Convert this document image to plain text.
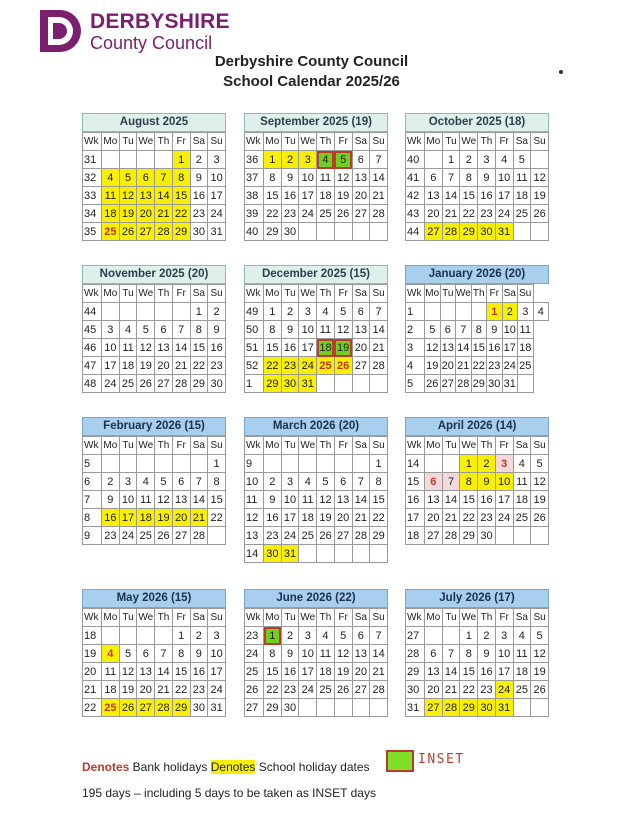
DERBYSHIRE
County Council
Derbyshire County Council
School Calendar 2025/26
August 2025
Wk	Mo	Tu	We	Th	Fr	Sa	Su
31					1	2	3
32	4	5	6	7	8	9	10
33	11	12	13	14	15	16	17
34	18	19	20	21	22	23	24
35	25	26	27	28	29	30	31
September 2025 (19)
Wk	Mo	Tu	We	Th	Fr	Sa	Su
36	1	2	3	4	5	6	7
37	8	9	10	11	12	13	14
38	15	16	17	18	19	20	21
39	22	23	24	25	26	27	28
40	29	30					
October 2025 (18)
Wk	Mo	Tu	We	Th	Fr	Sa	Su
40		1	2	3	4	5	
41	6	7	8	9	10	11	12
42	13	14	15	16	17	18	19
43	20	21	22	23	24	25	26
44	27	28	29	30	31		
November 2025 (20)
Wk	Mo	Tu	We	Th	Fr	Sa	Su
44						1	2
45	3	4	5	6	7	8	9
46	10	11	12	13	14	15	16
47	17	18	19	20	21	22	23
48	24	25	26	27	28	29	30
December 2025 (15)
Wk	Mo	Tu	We	Th	Fr	Sa	Su
49	1	2	3	4	5	6	7
50	8	9	10	11	12	13	14
51	15	16	17	18	19	20	21
52	22	23	24	25	26	27	28
1	29	30	31				
January 2026 (20)
Wk	Mo	Tu	We	Th	Fr	Sa	Su	
1					1	2	3	4
2	5	6	7	8	9	10	11	
3	12	13	14	15	16	17	18	
4	19	20	21	22	23	24	25	
5	26	27	28	29	30	31		
February 2026 (15)
Wk	Mo	Tu	We	Th	Fr	Sa	Su
5							1
6	2	3	4	5	6	7	8
7	9	10	11	12	13	14	15
8	16	17	18	19	20	21	22
9	23	24	25	26	27	28	
March 2026 (20)
Wk	Mo	Tu	We	Th	Fr	Sa	Su
9							1
10	2	3	4	5	6	7	8
11	9	10	11	12	13	14	15
12	16	17	18	19	20	21	22
13	23	24	25	26	27	28	29
14	30	31					
April 2026 (14)
Wk	Mo	Tu	We	Th	Fr	Sa	Su
14			1	2	3	4	5
15	6	7	8	9	10	11	12
16	13	14	15	16	17	18	19
17	20	21	22	23	24	25	26
18	27	28	29	30			
May 2026 (15)
Wk	Mo	Tu	We	Th	Fr	Sa	Su
18					1	2	3
19	4	5	6	7	8	9	10
20	11	12	13	14	15	16	17
21	18	19	20	21	22	23	24
22	25	26	27	28	29	30	31
June 2026 (22)
Wk	Mo	Tu	We	Th	Fr	Sa	Su
23	1	2	3	4	5	6	7
24	8	9	10	11	12	13	14
25	15	16	17	18	19	20	21
26	22	23	24	25	26	27	28
27	29	30					
July 2026 (17)
Wk	Mo	Tu	We	Th	Fr	Sa	Su
27			1	2	3	4	5
28	6	7	8	9	10	11	12
29	13	14	15	16	17	18	19
30	20	21	22	23	24	25	26
31	27	28	29	30	31		
Denotes Bank holidays Denotes School holiday dates	INSET
195 days – including 5 days to be taken as INSET days
